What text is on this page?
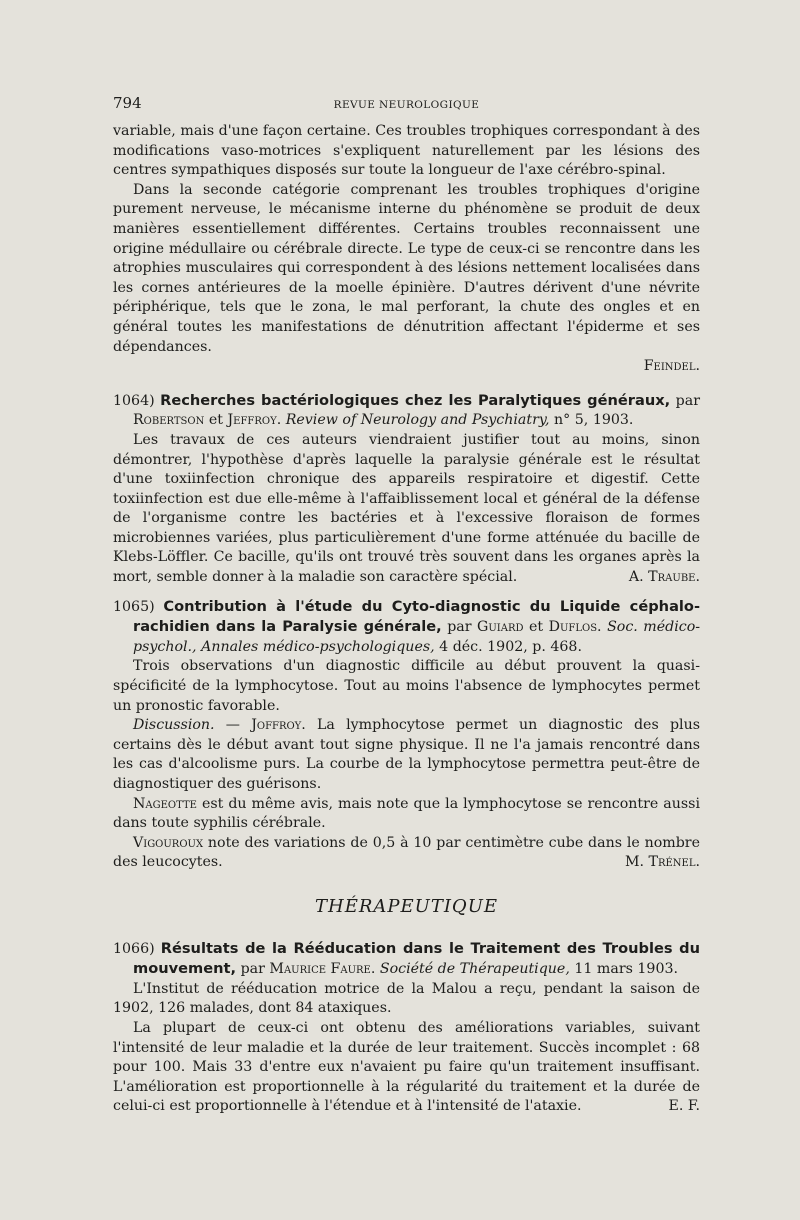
794	REVUE NEUROLOGIQUE

variable, mais d'une façon certaine. Ces troubles trophiques correspondant à des modifications vaso-motrices s'expliquent naturellement par les lésions des centres sympathiques disposés sur toute la longueur de l'axe cérébro-spinal.

Dans la seconde catégorie comprenant les troubles trophiques d'origine purement nerveuse, le mécanisme interne du phénomène se produit de deux manières essentiellement différentes. Certains troubles reconnaissent une origine médullaire ou cérébrale directe. Le type de ceux-ci se rencontre dans les atrophies musculaires qui correspondent à des lésions nettement localisées dans les cornes antérieures de la moelle épinière. D'autres dérivent d'une névrite périphérique, tels que le zona, le mal perforant, la chute des ongles et en général toutes les manifestations de dénutrition affectant l'épiderme et ses dépendances.

Feindel.

1064) Recherches bactériologiques chez les Paralytiques généraux, par Robertson et Jeffroy. Review of Neurology and Psychiatry, n° 5, 1903.

Les travaux de ces auteurs viendraient justifier tout au moins, sinon démontrer, l'hypothèse d'après laquelle la paralysie générale est le résultat d'une toxiinfection chronique des appareils respiratoire et digestif. Cette toxiinfection est due elle-même à l'affaiblissement local et général de la défense de l'organisme contre les bactéries et à l'excessive floraison de formes microbiennes variées, plus particulièrement d'une forme atténuée du bacille de Klebs-Löffler. Ce bacille, qu'ils ont trouvé très souvent dans les organes après la mort, semble donner à la maladie son caractère spécial.	A. Traube.

1065) Contribution à l'étude du Cyto-diagnostic du Liquide céphalo-rachidien dans la Paralysie générale, par Guiard et Duflos. Soc. médico-psychol., Annales médico-psychologiques, 4 déc. 1902, p. 468.

Trois observations d'un diagnostic difficile au début prouvent la quasi-spécificité de la lymphocytose. Tout au moins l'absence de lymphocytes permet un pronostic favorable.

Discussion. — Joffroy. La lymphocytose permet un diagnostic des plus certains dès le début avant tout signe physique. Il ne l'a jamais rencontré dans les cas d'alcoolisme purs. La courbe de la lymphocytose permettra peut-être de diagnostiquer des guérisons.

Nageotte est du même avis, mais note que la lymphocytose se rencontre aussi dans toute syphilis cérébrale.

Vigouroux note des variations de 0,5 à 10 par centimètre cube dans le nombre des leucocytes.	M. Trénel.

THÉRAPEUTIQUE

1066) Résultats de la Rééducation dans le Traitement des Troubles du mouvement, par Maurice Faure. Société de Thérapeutique, 11 mars 1903.

L'Institut de rééducation motrice de la Malou a reçu, pendant la saison de 1902, 126 malades, dont 84 ataxiques.

La plupart de ceux-ci ont obtenu des améliorations variables, suivant l'intensité de leur maladie et la durée de leur traitement. Succès incomplet : 68 pour 100. Mais 33 d'entre eux n'avaient pu faire qu'un traitement insuffisant. L'amélioration est proportionnelle à la régularité du traitement et la durée de celui-ci est proportionnelle à l'étendue et à l'intensité de l'ataxie.	E. F.
